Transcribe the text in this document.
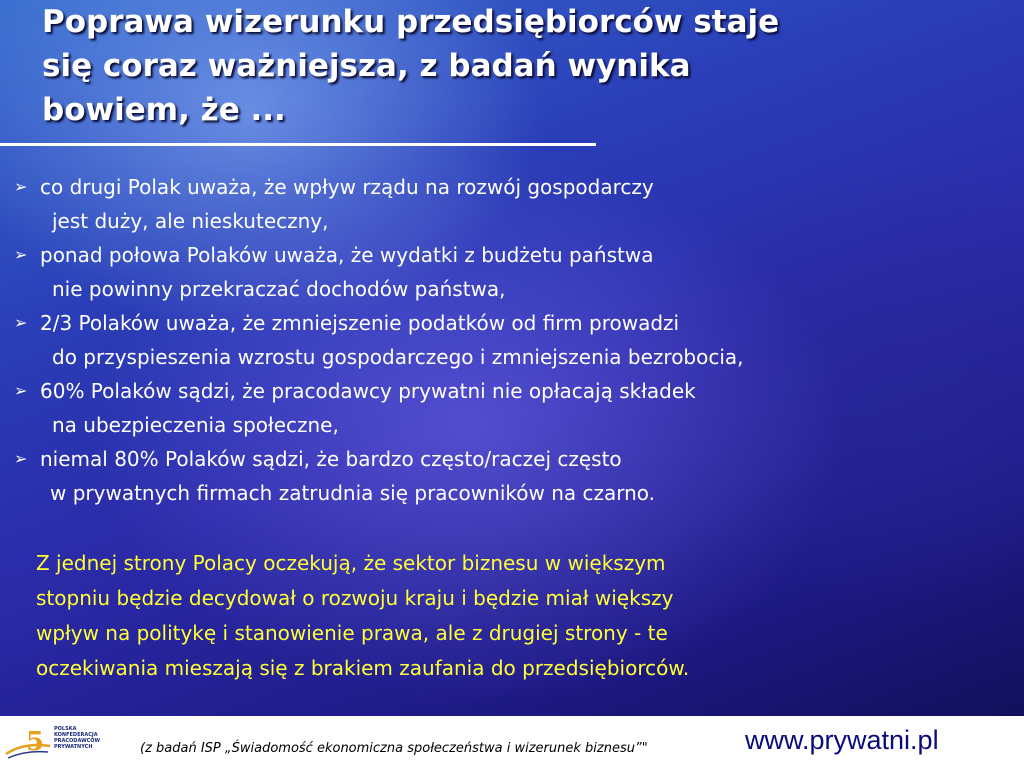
Poprawa wizerunku przedsiębiorców staje
się coraz ważniejsza, z badań wynika
bowiem, że ...
➢ co drugi Polak uważa, że wpływ rządu na rozwój gospodarczy
jest duży, ale nieskuteczny,
➢ ponad połowa Polaków uważa, że wydatki z budżetu państwa
nie powinny przekraczać dochodów państwa,
➢ 2/3 Polaków uważa, że zmniejszenie podatków od firm prowadzi
do przyspieszenia wzrostu gospodarczego i zmniejszenia bezrobocia,
➢ 60% Polaków sądzi, że pracodawcy prywatni nie opłacają składek
na ubezpieczenia społeczne,
➢ niemal 80% Polaków sądzi, że bardzo często/raczej często
w prywatnych firmach zatrudnia się pracowników na czarno.
Z jednej strony Polacy oczekują, że sektor biznesu w większym
stopniu będzie decydował o rozwoju kraju i będzie miał większy
wpływ na politykę i stanowienie prawa, ale z drugiej strony - te
oczekiwania mieszają się z brakiem zaufania do przedsiębiorców.
5 POLSKA
KONFEDERACJA
PRACODAWCÓW
PRYWATNYCH	(z badań ISP „Świadomość ekonomiczna społeczeństwa i wizerunek biznesu”"	www.prywatni.pl
